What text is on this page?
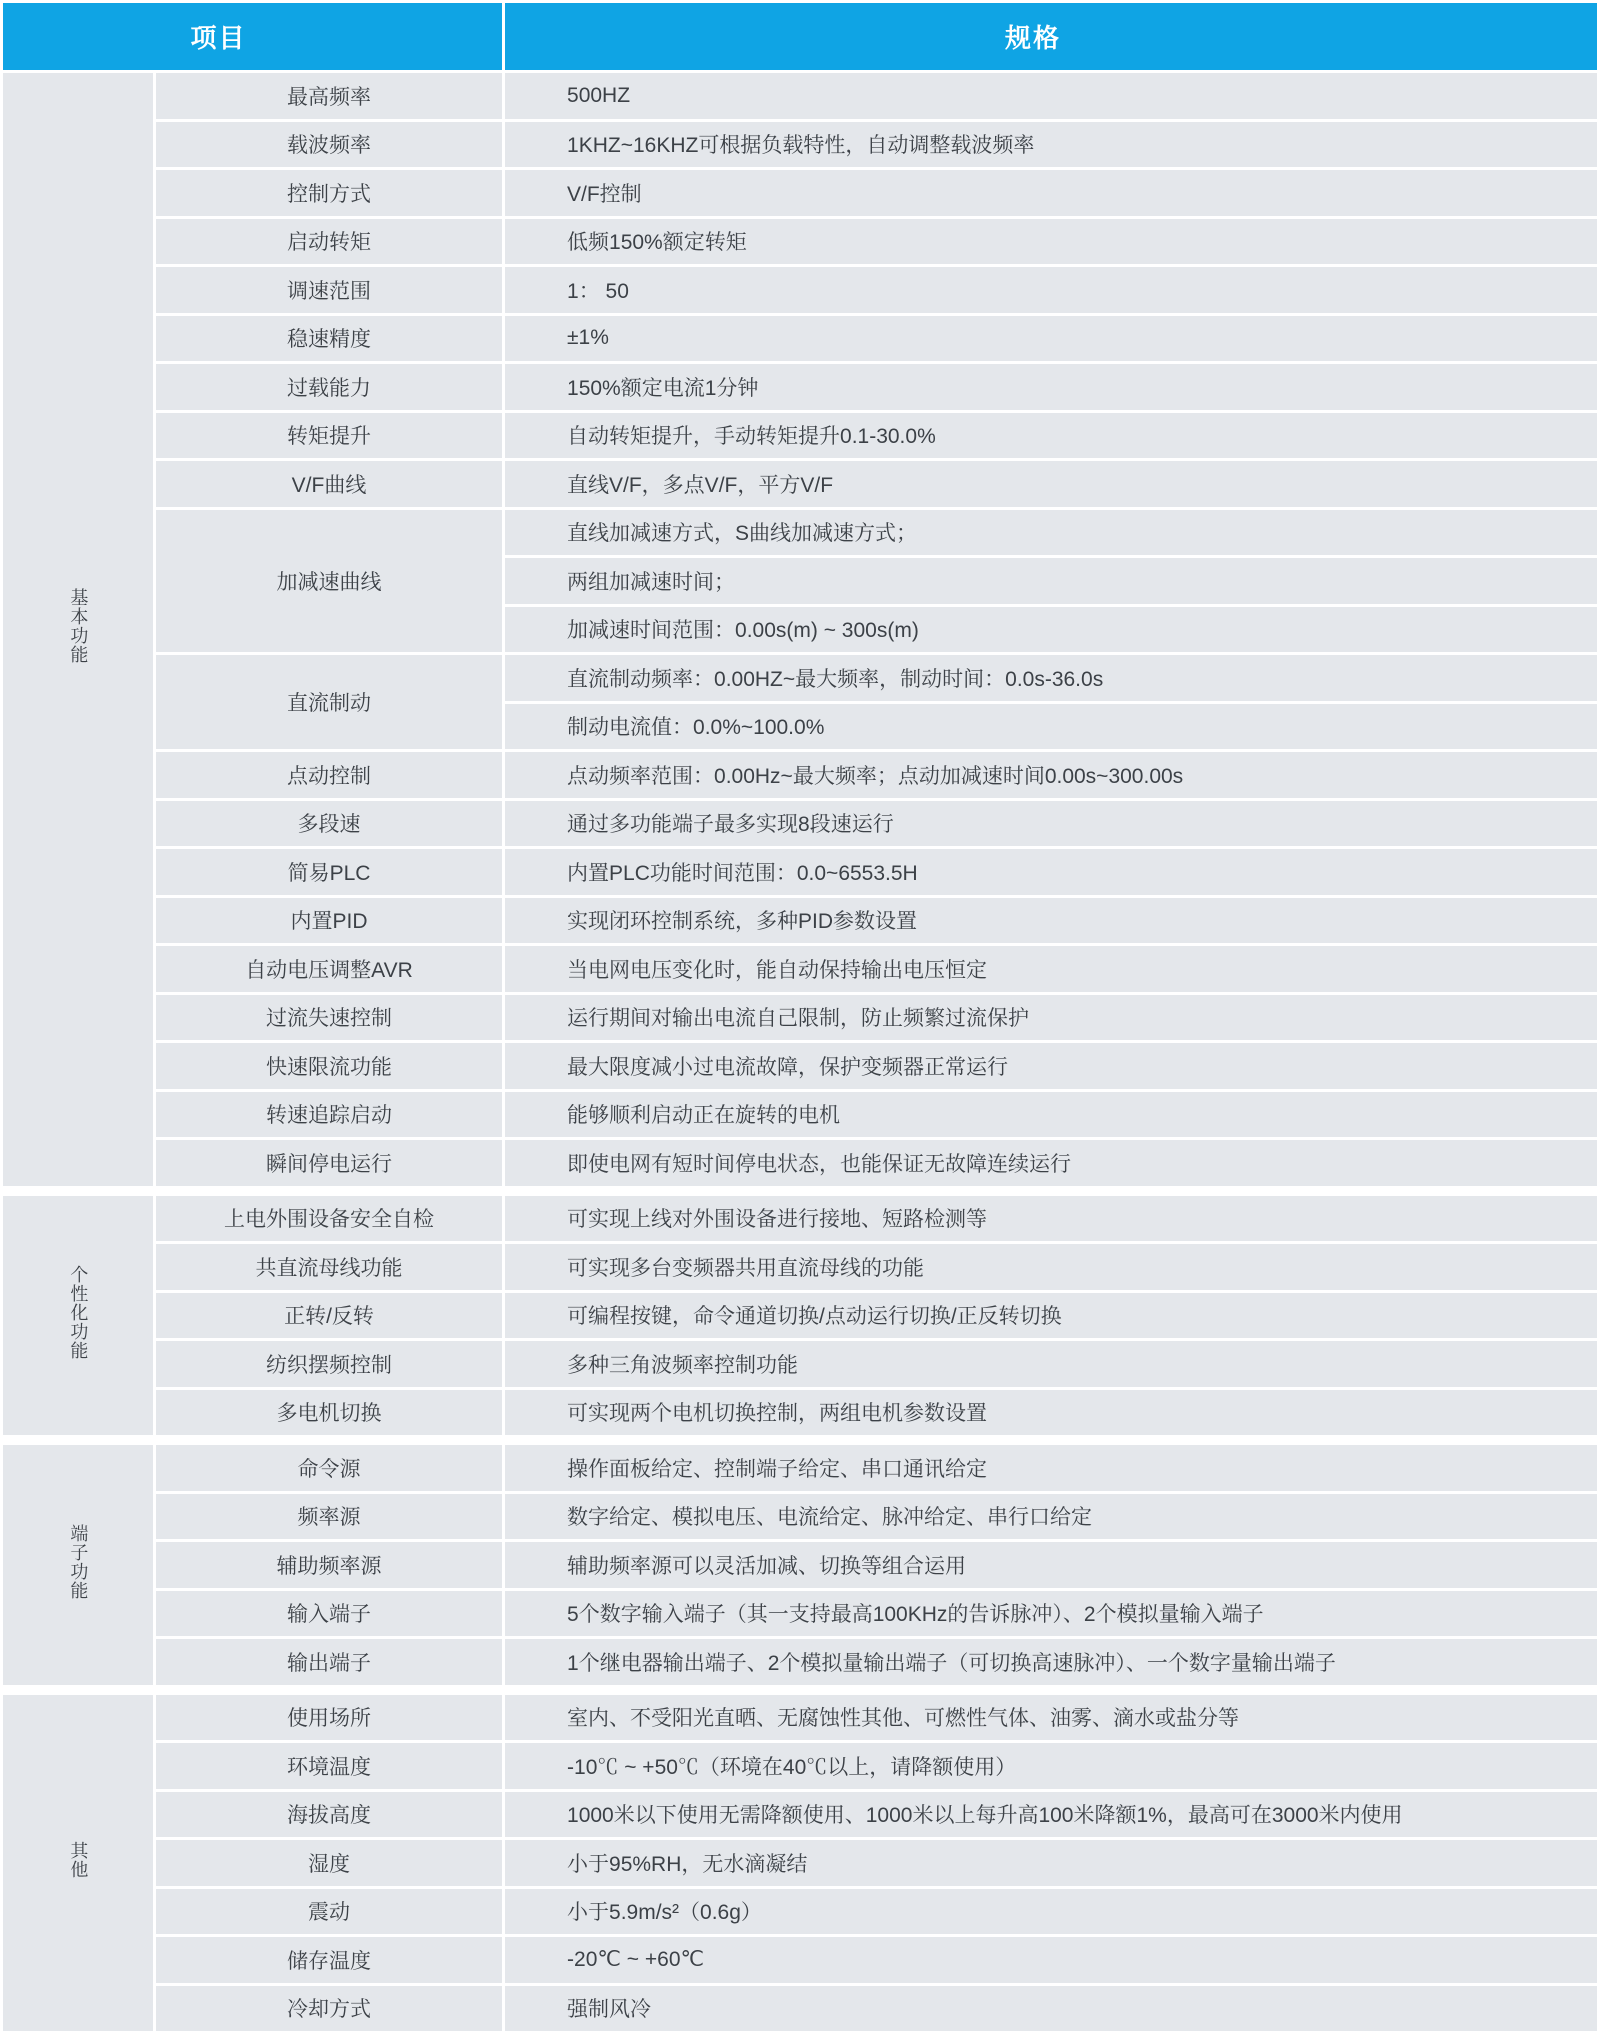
项目		规格
基本功能	最高频率	500HZ
	载波频率	1KHZ~16KHZ可根据负载特性，自动调整载波频率
	控制方式	V/F控制
	启动转矩	低频150%额定转矩
	调速范围	1： 50
	稳速精度	±1%
	过载能力	150%额定电流1分钟
	转矩提升	自动转矩提升，手动转矩提升0.1-30.0%
	V/F曲线	直线V/F，多点V/F，平方V/F
	加减速曲线	直线加减速方式，S曲线加减速方式；
		两组加减速时间；
		加减速时间范围：0.00s(m) ~ 300s(m)
	直流制动	直流制动频率：0.00HZ~最大频率，制动时间：0.0s-36.0s
		制动电流值：0.0%~100.0%
	点动控制	点动频率范围：0.00Hz~最大频率；点动加减速时间0.00s~300.00s
	多段速	通过多功能端子最多实现8段速运行
	简易PLC	内置PLC功能时间范围：0.0~6553.5H
	内置PID	实现闭环控制系统，多种PID参数设置
	自动电压调整AVR	当电网电压变化时，能自动保持输出电压恒定
	过流失速控制	运行期间对输出电流自己限制，防止频繁过流保护
	快速限流功能	最大限度减小过电流故障，保护变频器正常运行
	转速追踪启动	能够顺利启动正在旋转的电机
	瞬间停电运行	即使电网有短时间停电状态，也能保证无故障连续运行

个性化功能	上电外围设备安全自检	可实现上线对外围设备进行接地、短路检测等
	共直流母线功能	可实现多台变频器共用直流母线的功能
	正转/反转	可编程按键，命令通道切换/点动运行切换/正反转切换
	纺织摆频控制	多种三角波频率控制功能
	多电机切换	可实现两个电机切换控制，两组电机参数设置

端子功能	命令源	操作面板给定、控制端子给定、串口通讯给定
	频率源	数字给定、模拟电压、电流给定、脉冲给定、串行口给定
	辅助频率源	辅助频率源可以灵活加减、切换等组合运用
	输入端子	5个数字输入端子（其一支持最高100KHz的告诉脉冲）、2个模拟量输入端子
	输出端子	1个继电器输出端子、2个模拟量输出端子（可切换高速脉冲）、一个数字量输出端子

其他	使用场所	室内、不受阳光直晒、无腐蚀性其他、可燃性气体、油雾、滴水或盐分等
	环境温度	-10℃ ~ +50℃（环境在40℃以上，请降额使用）
	海拔高度	1000米以下使用无需降额使用、1000米以上每升高100米降额1%，最高可在3000米内使用
	湿度	小于95%RH，无水滴凝结
	震动	小于5.9m/s²（0.6g）
	储存温度	-20℃ ~ +60℃
	冷却方式	强制风冷
